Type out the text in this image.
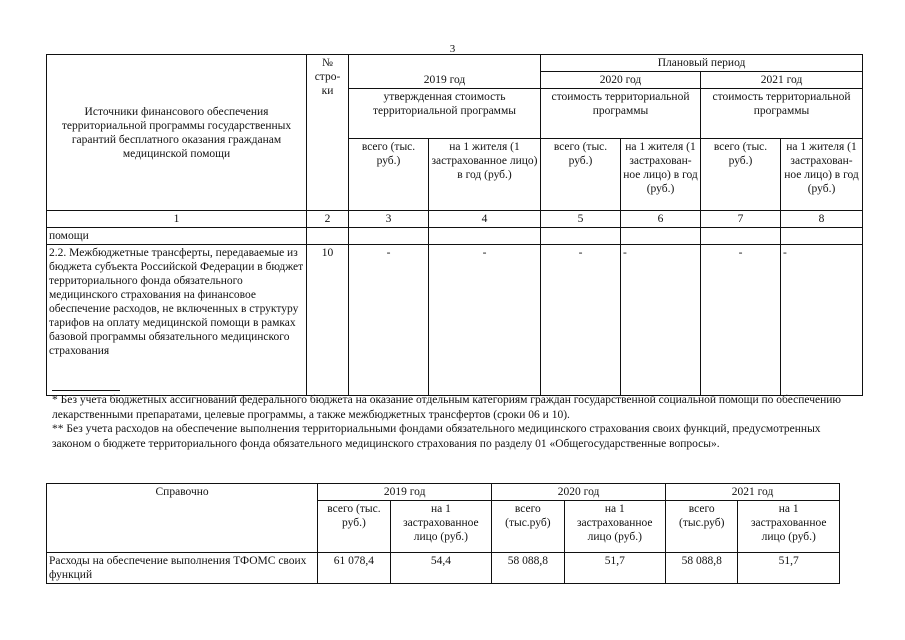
3
Источники финансового обеспечения территориальной программы государственных гарантий бесплатного оказания гражданам медицинской помощи	№ стро-ки			Плановый период			
		2019 год		2020 год		2021 год	
		утвержденная стоимость территориальной программы		стоимость территориальной программы		стоимость территориальной программы	
		всего (тыс. руб.)	на 1 жителя (1 застрахованное лицо) в год (руб.)	всего (тыс. руб.)	на 1 жителя (1 застрахован-ное лицо) в год (руб.)	всего (тыс. руб.)	на 1 жителя (1 застрахован-ное лицо) в год (руб.)
1	2	3	4	5	6	7	8
помощи							
2.2. Межбюджетные трансферты, передаваемые из бюджета субъекта Российской Федерации в бюджет территориального фонда обязательного медицинского страхования на финансовое обеспечение расходов, не включенных в структуру тарифов на оплату медицинской помощи в рамках базовой программы обязательного медицинского страхования	10	-	-	-	-	-	-

* Без учета бюджетных ассигнований федерального бюджета на оказание отдельным категориям граждан государственной социальной помощи по обеспечению лекарственными препаратами, целевые программы, а также межбюджетных трансфертов (сроки 06 и 10).

** Без учета расходов на обеспечение выполнения территориальными фондами обязательного медицинского страхования своих функций, предусмотренных законом о бюджете территориального фонда обязательного медицинского страхования по разделу 01 «Общегосударственные вопросы».

Справочно	2019 год		2020 год		2021 год	
	всего (тыс. руб.)	на 1 застрахованное лицо (руб.)	всего (тыс.руб)	на 1 застрахованное лицо (руб.)	всего (тыс.руб)	на 1 застрахованное лицо (руб.)
Расходы на обеспечение выполнения ТФОМС своих функций	61 078,4	54,4	58 088,8	51,7	58 088,8	51,7
